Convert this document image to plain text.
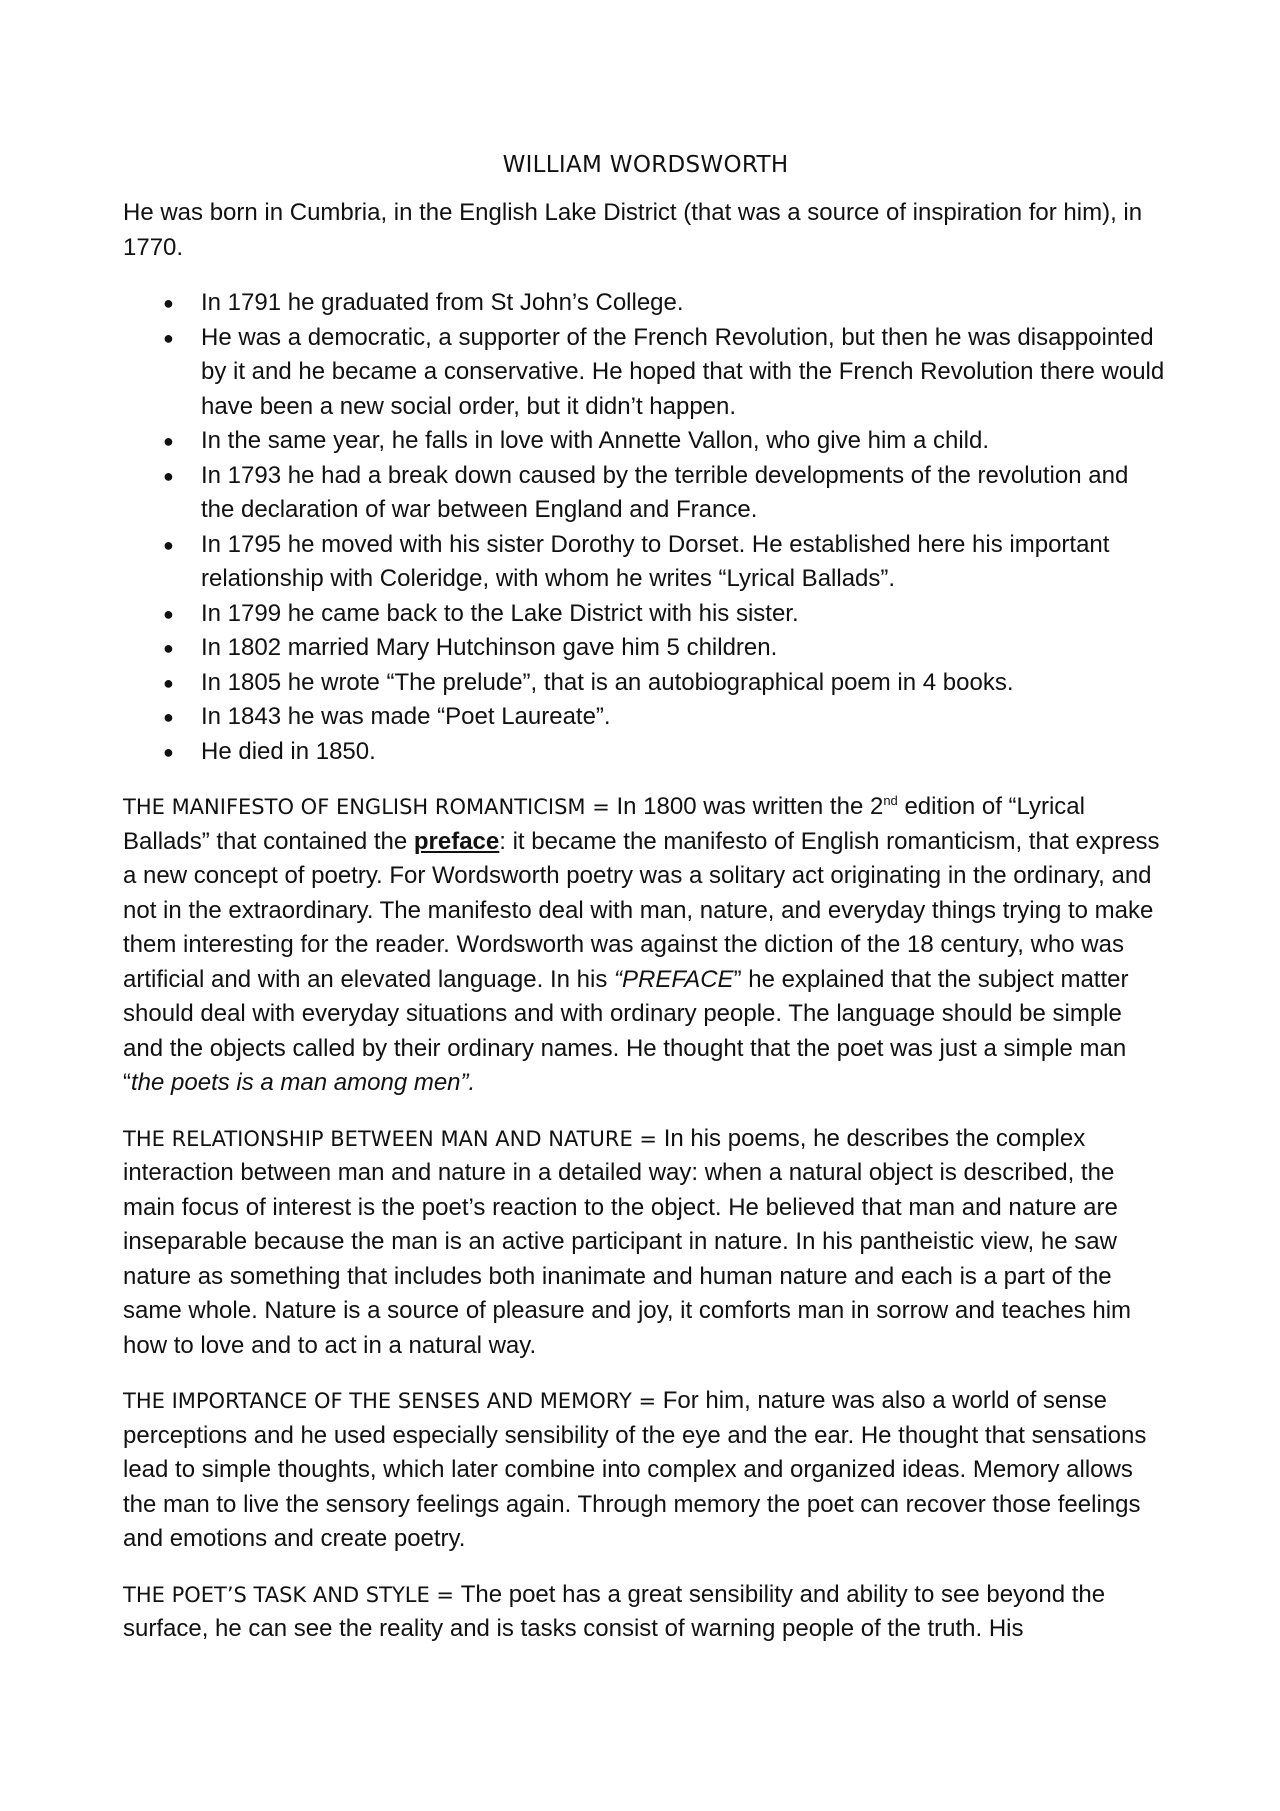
WILLIAM WORDSWORTH

He was born in Cumbria, in the English Lake District (that was a source of inspiration for him), in 1770.

● In 1791 he graduated from St John’s College.
● He was a democratic, a supporter of the French Revolution, but then he was disappointed by it and he became a conservative. He hoped that with the French Revolution there would have been a new social order, but it didn’t happen.
● In the same year, he falls in love with Annette Vallon, who give him a child.
● In 1793 he had a break down caused by the terrible developments of the revolution and the declaration of war between England and France.
● In 1795 he moved with his sister Dorothy to Dorset. He established here his important relationship with Coleridge, with whom he writes “Lyrical Ballads”.
● In 1799 he came back to the Lake District with his sister.
● In 1802 married Mary Hutchinson gave him 5 children.
● In 1805 he wrote “The prelude”, that is an autobiographical poem in 4 books.
● In 1843 he was made “Poet Laureate”.
● He died in 1850.

THE MANIFESTO OF ENGLISH ROMANTICISM = In 1800 was written the 2nd edition of “Lyrical Ballads” that contained the preface: it became the manifesto of English romanticism, that express a new concept of poetry. For Wordsworth poetry was a solitary act originating in the ordinary, and not in the extraordinary. The manifesto deal with man, nature, and everyday things trying to make them interesting for the reader. Wordsworth was against the diction of the 18 century, who was artificial and with an elevated language. In his “PREFACE” he explained that the subject matter should deal with everyday situations and with ordinary people. The language should be simple and the objects called by their ordinary names. He thought that the poet was just a simple man “the poets is a man among men”.

THE RELATIONSHIP BETWEEN MAN AND NATURE = In his poems, he describes the complex interaction between man and nature in a detailed way: when a natural object is described, the main focus of interest is the poet’s reaction to the object. He believed that man and nature are inseparable because the man is an active participant in nature. In his pantheistic view, he saw nature as something that includes both inanimate and human nature and each is a part of the same whole. Nature is a source of pleasure and joy, it comforts man in sorrow and teaches him how to love and to act in a natural way.

THE IMPORTANCE OF THE SENSES AND MEMORY = For him, nature was also a world of sense perceptions and he used especially sensibility of the eye and the ear. He thought that sensations lead to simple thoughts, which later combine into complex and organized ideas. Memory allows the man to live the sensory feelings again. Through memory the poet can recover those feelings and emotions and create poetry.

THE POET’S TASK AND STYLE = The poet has a great sensibility and ability to see beyond the surface, he can see the reality and is tasks consist of warning people of the truth. His
